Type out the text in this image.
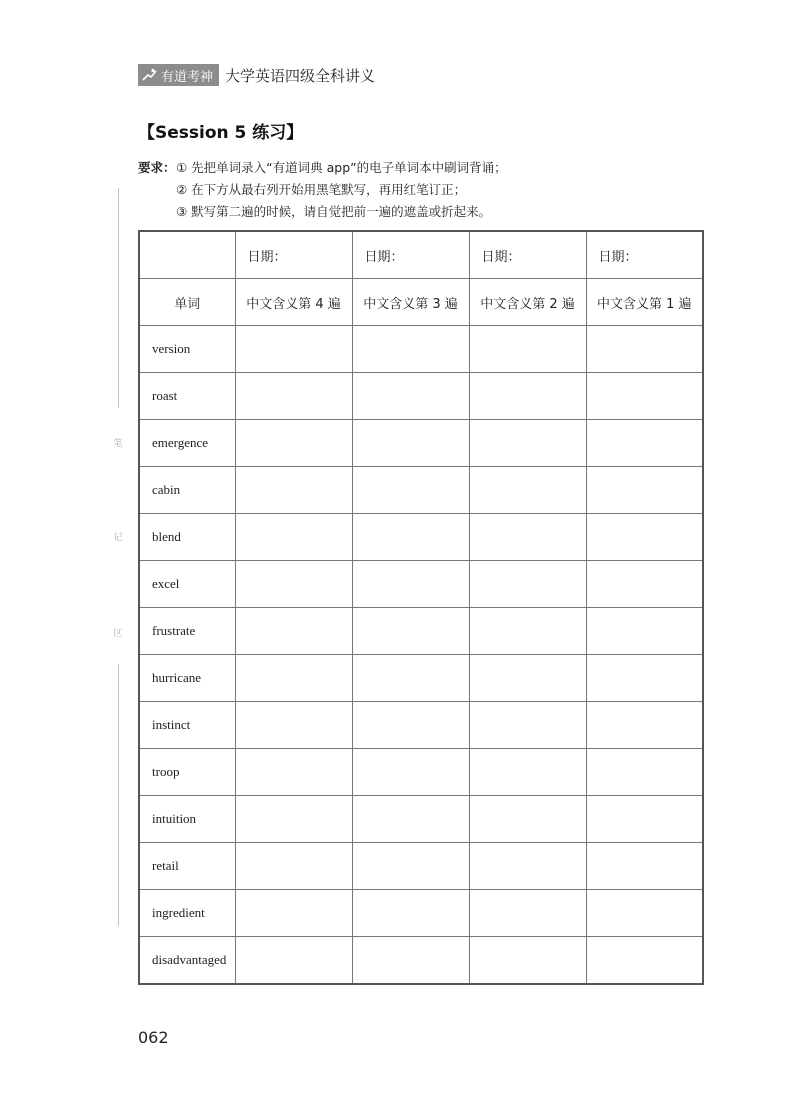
有道考神 大学英语四级全科讲义
【Session 5 练习】
要求： ① 先把单词录入“有道词典 app”的电子单词本中刷词背诵；
② 在下方从最右列开始用黑笔默写，再用红笔订正；
③ 默写第二遍的时候，请自觉把前一遍的遮盖或折起来。
笔
记
区
	日期：	日期：	日期：	日期：
单词	中文含义第 4 遍	中文含义第 3 遍	中文含义第 2 遍	中文含义第 1 遍
version				
roast				
emergence				
cabin				
blend				
excel				
frustrate				
hurricane				
instinct				
troop				
intuition				
retail				
ingredient				
disadvantaged				
062
